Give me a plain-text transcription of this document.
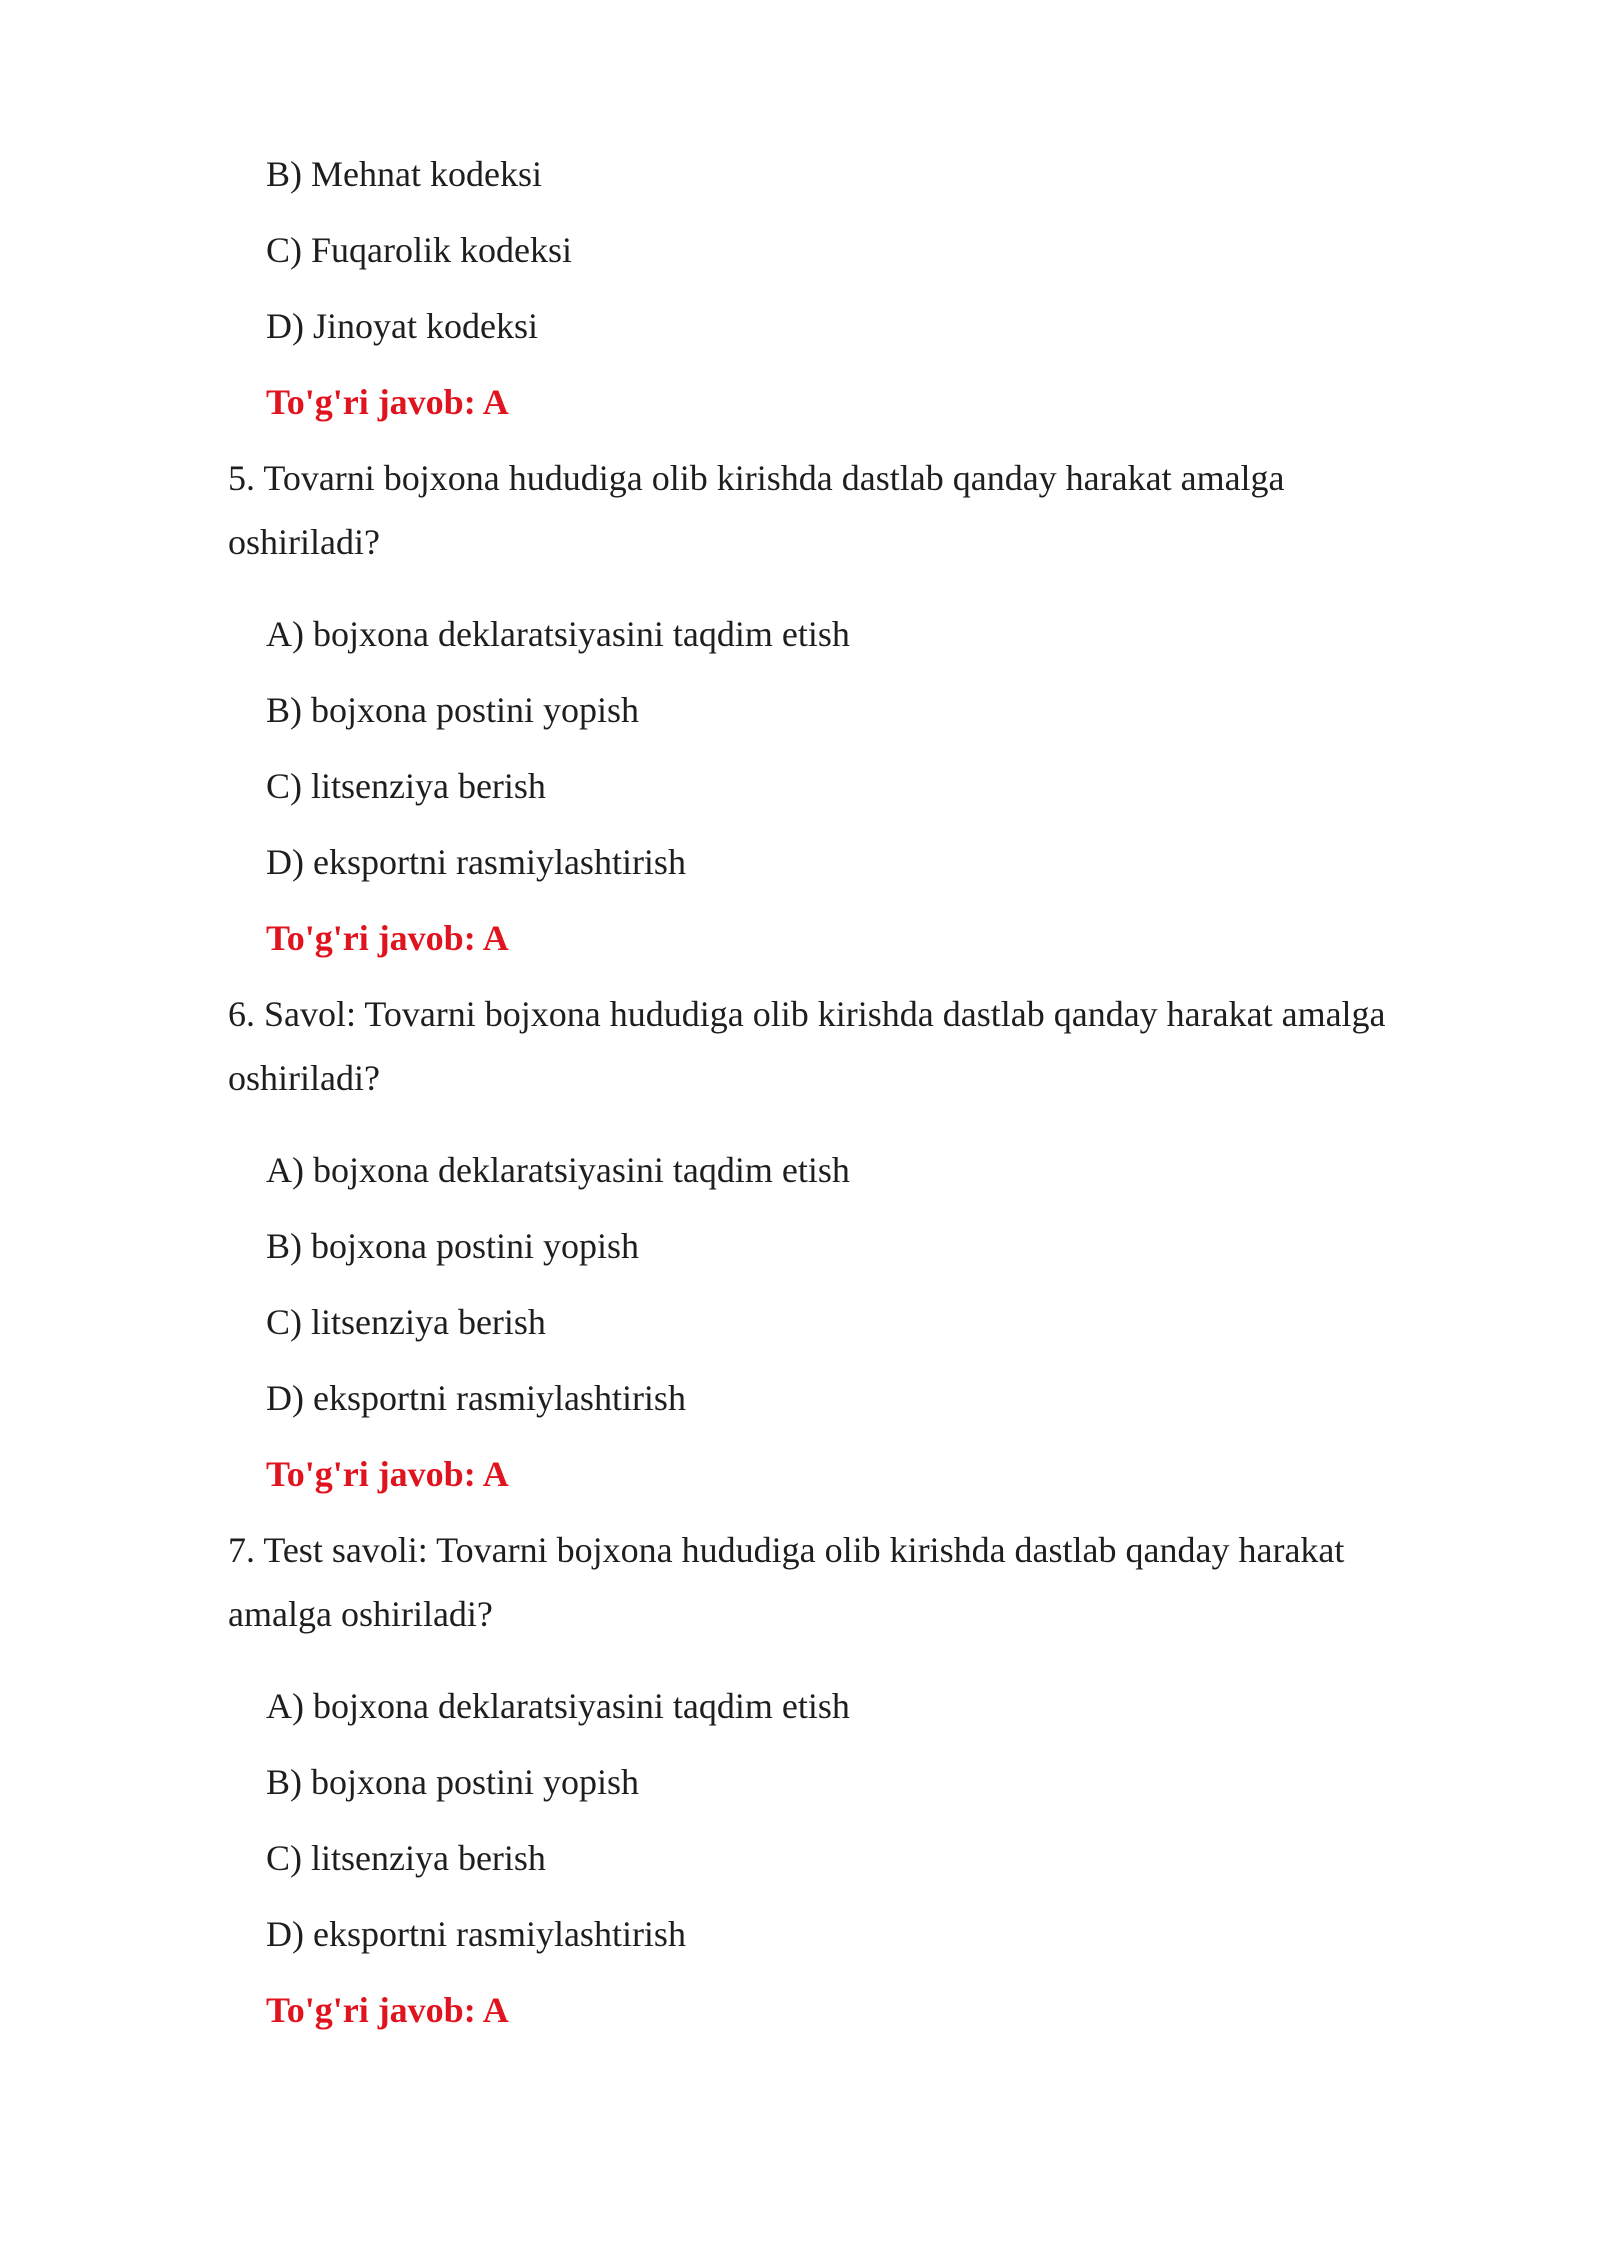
B) Mehnat kodeksi
C) Fuqarolik kodeksi
D) Jinoyat kodeksi
To'g'ri javob: A
5. Tovarni bojxona hududiga olib kirishda dastlab qanday harakat amalga
oshiriladi?
A) bojxona deklaratsiyasini taqdim etish
B) bojxona postini yopish
C) litsenziya berish
D) eksportni rasmiylashtirish
To'g'ri javob: A
6. Savol: Tovarni bojxona hududiga olib kirishda dastlab qanday harakat amalga
oshiriladi?
A) bojxona deklaratsiyasini taqdim etish
B) bojxona postini yopish
C) litsenziya berish
D) eksportni rasmiylashtirish
To'g'ri javob: A
7. Test savoli: Tovarni bojxona hududiga olib kirishda dastlab qanday harakat
amalga oshiriladi?
A) bojxona deklaratsiyasini taqdim etish
B) bojxona postini yopish
C) litsenziya berish
D) eksportni rasmiylashtirish
To'g'ri javob: A
